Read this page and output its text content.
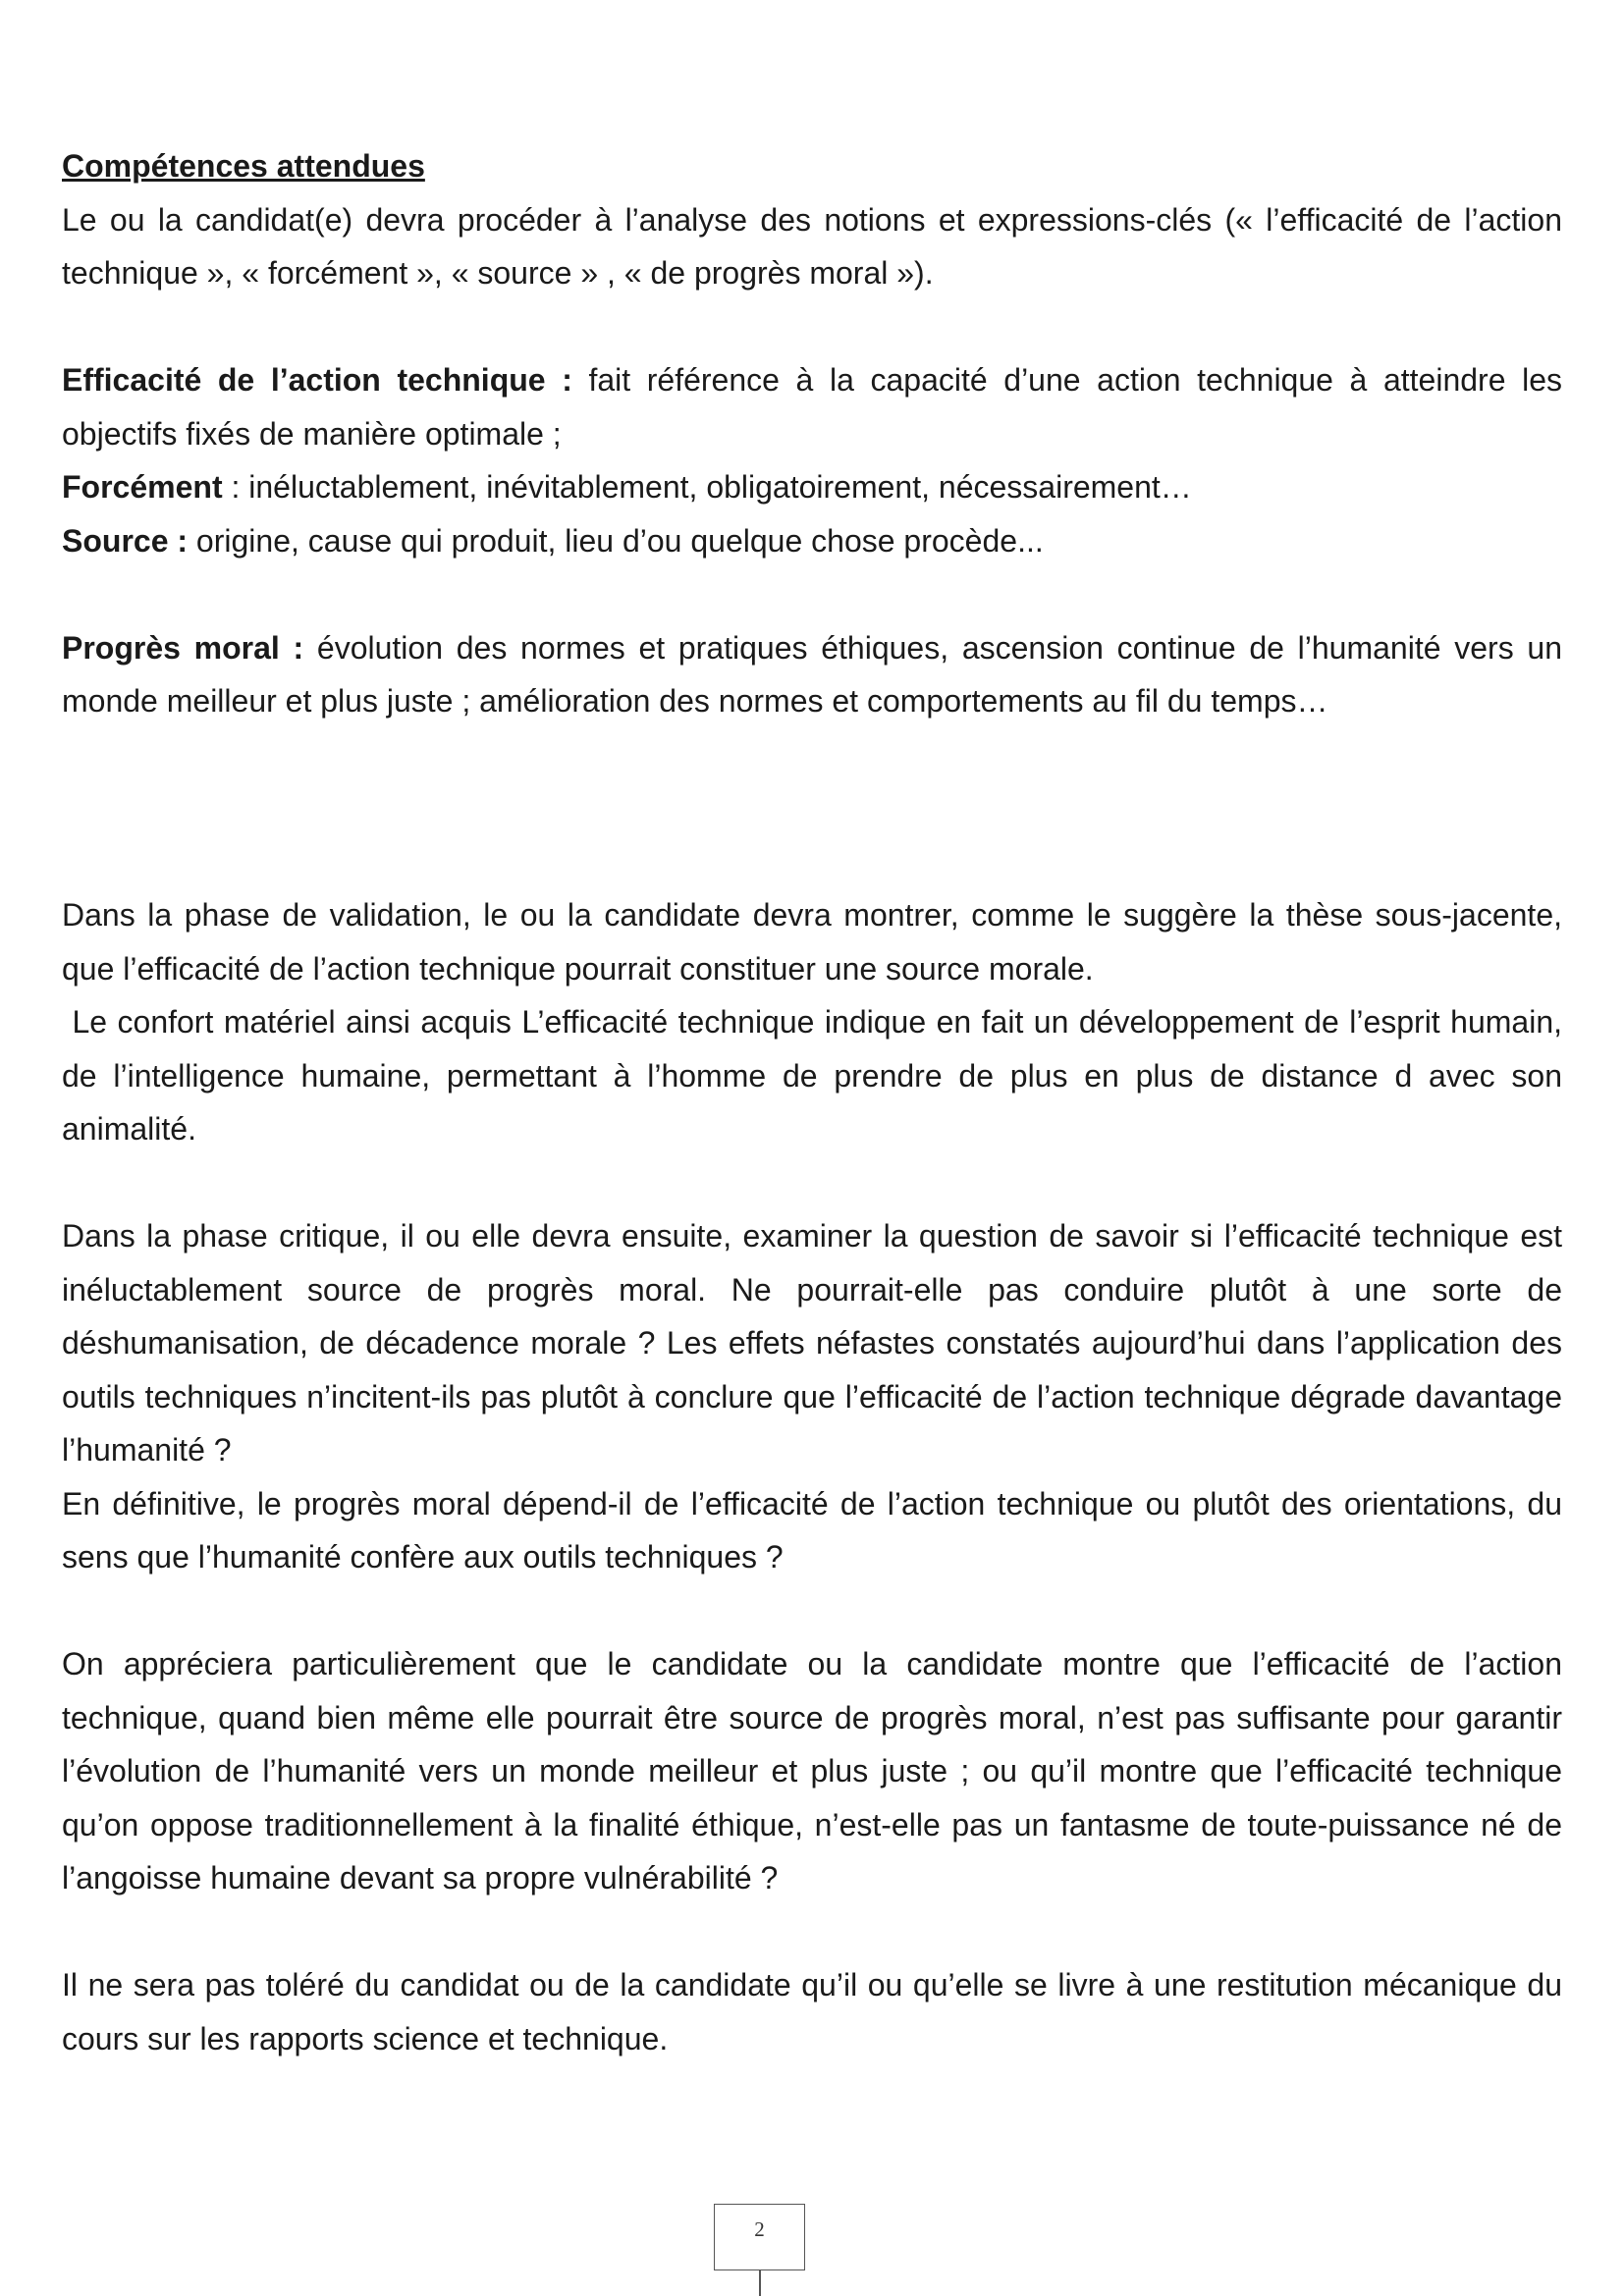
Compétences attendues

Le ou la candidat(e) devra procéder à l’analyse des notions et expressions-clés (« l’efficacité de l’action technique », « forcément », « source » , « de progrès moral »).

Efficacité de l’action technique : fait référence à la capacité d’une action technique à atteindre les objectifs fixés de manière optimale ;

Forcément : inéluctablement, inévitablement, obligatoirement, nécessairement…

Source : origine, cause qui produit, lieu d’ou quelque chose procède...

Progrès moral : évolution des normes et pratiques éthiques, ascension continue de l’humanité vers un monde meilleur et plus juste ; amélioration des normes et comportements au fil du temps…

Dans la phase de validation, le ou la candidate devra montrer, comme le suggère la thèse sous-jacente, que l’efficacité de l’action technique pourrait constituer une source morale.

Le confort matériel ainsi acquis L’efficacité technique indique en fait un développement de l’esprit humain, de l’intelligence humaine, permettant à l’homme de prendre de plus en plus de distance d avec son animalité.

Dans la phase critique, il ou elle devra ensuite, examiner la question de savoir si l’efficacité technique est inéluctablement source de progrès moral. Ne pourrait-elle pas conduire plutôt à une sorte de déshumanisation, de décadence morale ? Les effets néfastes constatés aujourd’hui dans l’application des outils techniques n’incitent-ils pas plutôt à conclure que l’efficacité de l’action technique dégrade davantage l’humanité ?

En définitive, le progrès moral dépend-il de l’efficacité de l’action technique ou plutôt des orientations, du sens que l’humanité confère aux outils techniques ?

On appréciera particulièrement que le candidate ou la candidate montre que l’efficacité de l’action technique, quand bien même elle pourrait être source de progrès moral, n’est pas suffisante pour garantir l’évolution de l’humanité vers un monde meilleur et plus juste ; ou qu’il montre que l’efficacité technique qu’on oppose traditionnellement à la finalité éthique, n’est-elle pas un fantasme de toute-puissance né de l’angoisse humaine devant sa propre vulnérabilité ?

Il ne sera pas toléré du candidat ou de la candidate qu’il ou qu’elle se livre à une restitution mécanique du cours sur les rapports science et technique.

2
